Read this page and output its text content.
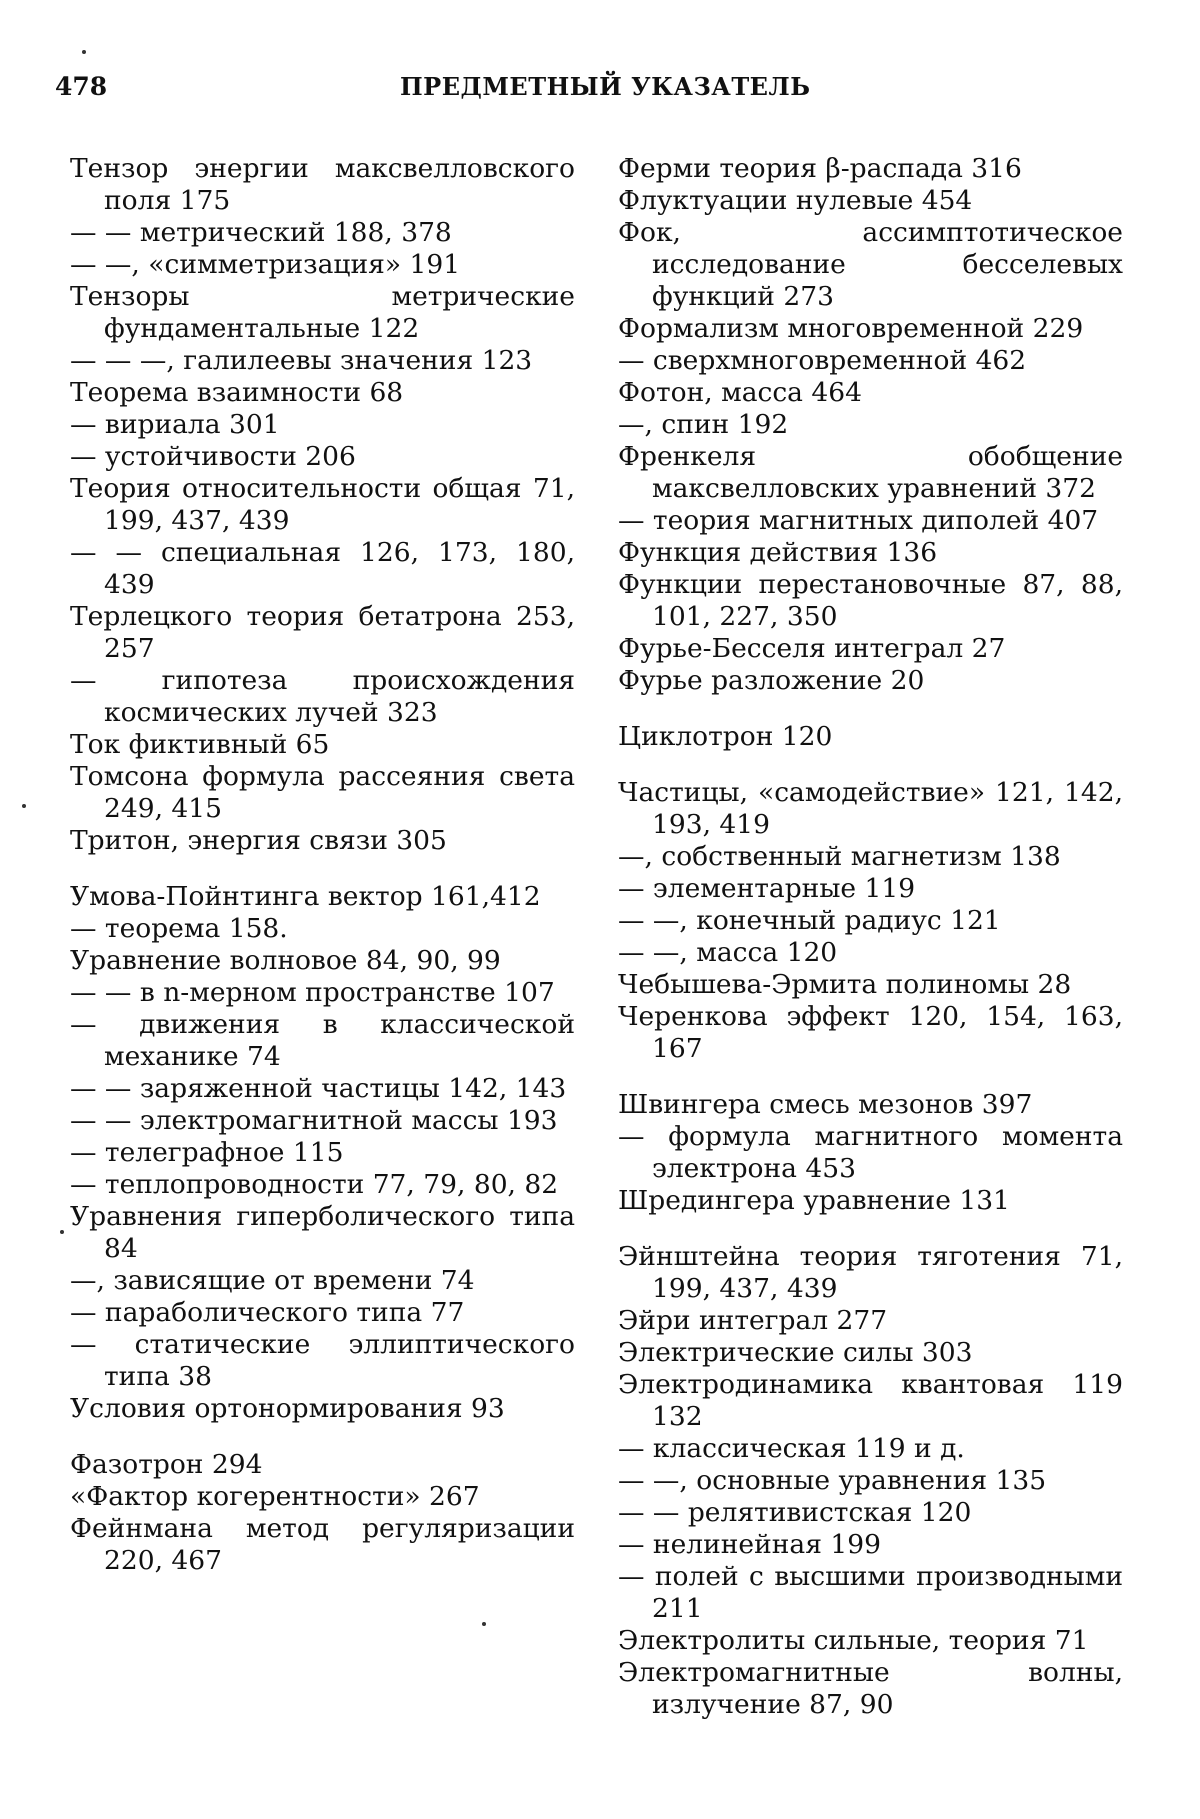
478	ПРЕДМЕТНЫЙ УКАЗАТЕЛЬ

Тензор энергии максвелловского поля 175

— — метрический 188, 378

— —, «симметризация» 191

Тензоры метрические фундаментальные 122

— — —, галилеевы значения 123

Теорема взаимности 68

— вириала 301

— устойчивости 206

Теория относительности общая 71, 199, 437, 439

— — специальная 126, 173, 180, 439

Терлецкого теория бетатрона 253, 257

— гипотеза происхождения космических лучей 323

Ток фиктивный 65

Томсона формула рассеяния света 249, 415

Тритон, энергия связи 305

Умова-Пойнтинга вектор 161,412

— теорема 158.

Уравнение волновое 84, 90, 99

— — в n-мерном пространстве 107

— движения в классической механике 74

— — заряженной частицы 142, 143

— — электромагнитной массы 193

— телеграфное 115

— теплопроводности 77, 79, 80, 82

Уравнения гиперболического типа 84

—, зависящие от времени 74

— параболического типа 77

— статические эллиптического типа 38

Условия ортонормирования 93

Фазотрон 294

«Фактор когерентности» 267

Фейнмана метод регуляризации 220, 467

Ферми теория β-распада 316

Флуктуации нулевые 454

Фок, ассимптотическое исследование бесселевых функций 273

Формализм многовременной 229

— сверхмноговременной 462

Фотон, масса 464

—, спин 192

Френкеля обобщение максвелловских уравнений 372

— теория магнитных диполей 407

Функция действия 136

Функции перестановочные 87, 88, 101, 227, 350

Фурье-Бесселя интеграл 27

Фурье разложение 20

Циклотрон 120

Частицы, «самодействие» 121, 142, 193, 419

—, собственный магнетизм 138

— элементарные 119

— —, конечный радиус 121

— —, масса 120

Чебышева-Эрмита полиномы 28

Черенкова эффект 120, 154, 163, 167

Швингера смесь мезонов 397

— формула магнитного момента электрона 453

Шредингера уравнение 131

Эйнштейна теория тяготения 71, 199, 437, 439

Эйри интеграл 277

Электрические силы 303

Электродинамика квантовая 119 132

— классическая 119 и д.

— —, основные уравнения 135

— — релятивистская 120

— нелинейная 199

— полей с высшими производными 211

Электролиты сильные, теория 71

Электромагнитные волны, излучение 87, 90
